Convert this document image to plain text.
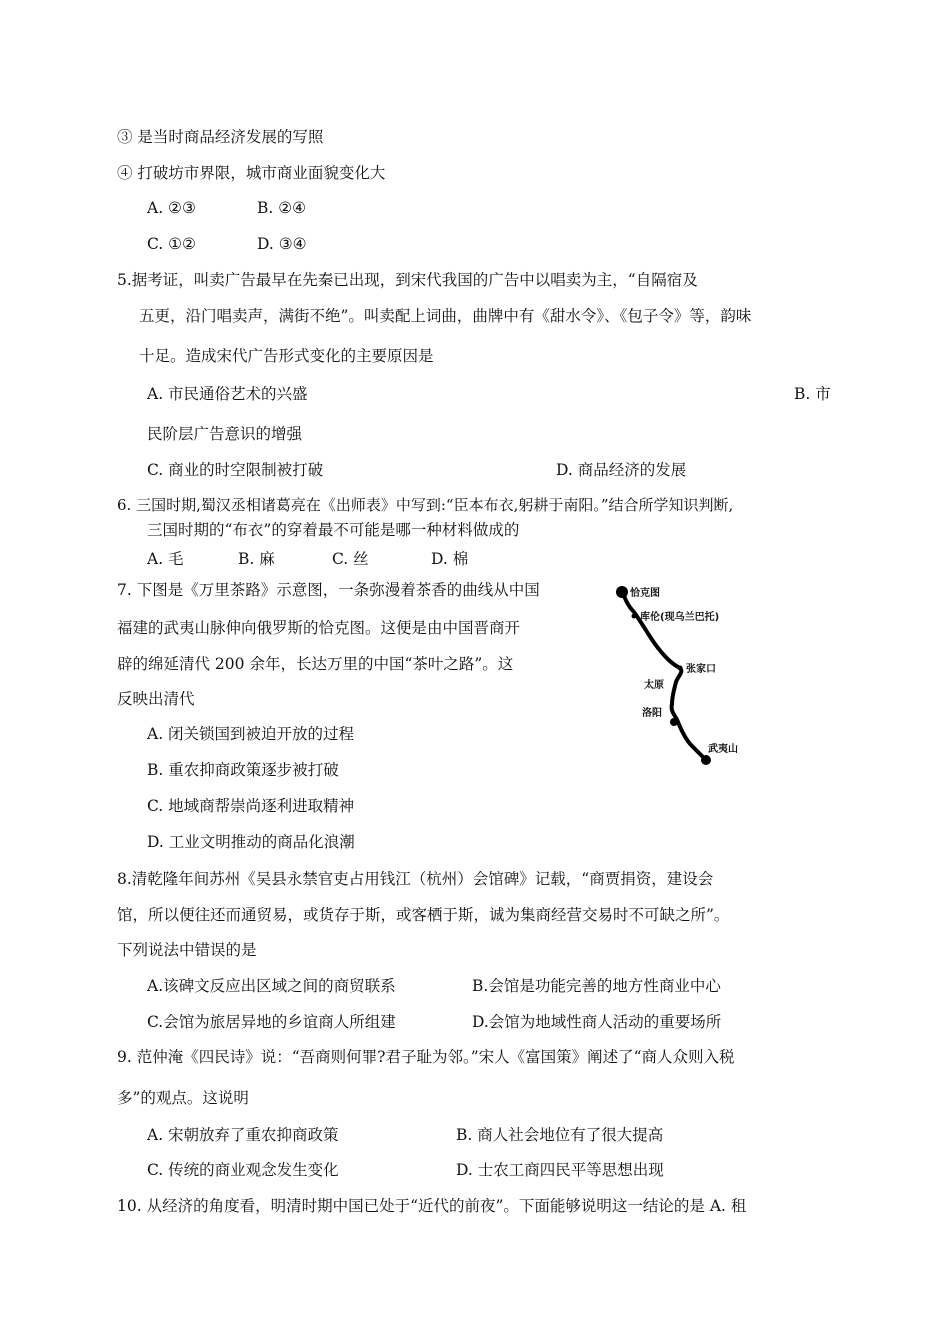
③ 是当时商品经济发展的写照
④ 打破坊市界限，城市商业面貌变化大
A. ②③	B. ②④
C. ①②	D. ③④
5.据考证，叫卖广告最早在先秦已出现，到宋代我国的广告中以唱卖为主，“自隔宿及
五更，沿门唱卖声，满街不绝”。叫卖配上词曲，曲牌中有《甜水令》、《包子令》等，韵味
十足。造成宋代广告形式变化的主要原因是
A. 市民通俗艺术的兴盛	B. 市
民阶层广告意识的增强
C. 商业的时空限制被打破	D. 商品经济的发展
6. 三国时期,蜀汉丞相诸葛亮在《出师表》中写到:“臣本布衣,躬耕于南阳。”结合所学知识判断,
三国时期的“布衣”的穿着最不可能是哪一种材料做成的
A. 毛	B. 麻	C. 丝	D. 棉
7. 下图是《万里茶路》示意图，一条弥漫着茶香的曲线从中国
福建的武夷山脉伸向俄罗斯的恰克图。这便是由中国晋商开
辟的绵延清代 200 余年，长达万里的中国“茶叶之路”。这
反映出清代
A. 闭关锁国到被迫开放的过程
B. 重农抑商政策逐步被打破
C. 地域商帮崇尚逐利进取精神
D. 工业文明推动的商品化浪潮
恰克图
库伦(现乌兰巴托)
张家口
太原
洛阳
武夷山
8.清乾隆年间苏州《吴县永禁官吏占用钱江（杭州）会馆碑》记载，“商贾捐资，建设会
馆，所以便往还而通贸易，或货存于斯，或客栖于斯，诚为集商经营交易时不可缺之所”。
下列说法中错误的是
A.该碑文反应出区域之间的商贸联系	B.会馆是功能完善的地方性商业中心
C.会馆为旅居异地的乡谊商人所组建	D.会馆为地域性商人活动的重要场所
9. 范仲淹《四民诗》说：“吾商则何罪?君子耻为邻。”宋人《富国策》阐述了“商人众则入税
多”的观点。这说明
A. 宋朝放弃了重农抑商政策	B. 商人社会地位有了很大提高
C. 传统的商业观念发生变化	D. 士农工商四民平等思想出现
10. 从经济的角度看，明清时期中国已处于“近代的前夜”。下面能够说明这一结论的是 A. 租
